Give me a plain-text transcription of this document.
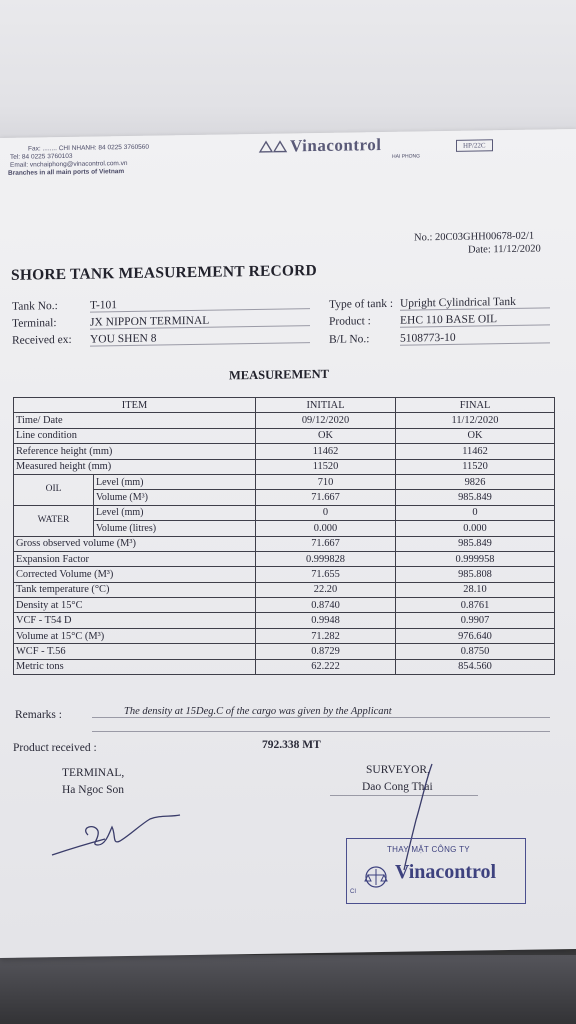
Fax: ........ CHI NHANH: 84 0225 3760560
Tel: 84 0225 3760103
Email: vnchaiphong@vinacontrol.com.vn
Branches in all main ports of Vietnam
Vinacontrol
HAI PHONG
HP/22C
No.: 20C03GHH00678-02/1
Date: 11/12/2020
SHORE TANK MEASUREMENT RECORD
Tank No.:	T-101
Terminal:	JX NIPPON TERMINAL
Received ex: YOU SHEN 8
Type of tank : Upright Cylindrical Tank
Product :	EHC 110 BASE OIL
B/L No.:	5108773-10
MEASUREMENT
ITEM		INITIAL	FINAL
Time/ Date		09/12/2020	11/12/2020
Line condition		OK	OK
Reference height (mm)		11462	11462
Measured height (mm)		11520	11520
OIL	Level (mm)	710	9826
	Volume (M³)	71.667	985.849
WATER	Level (mm)	0	0
	Volume (litres)	0.000	0.000
Gross observed volume (M³)		71.667	985.849
Expansion Factor		0.999828	0.999958
Corrected Volume (M³)		71.655	985.808
Tank temperature (°C)		22.20	28.10
Density at 15°C		0.8740	0.8761
VCF - T54 D		0.9948	0.9907
Volume at 15°C (M³)		71.282	976.640
WCF - T.56		0.8729	0.8750
Metric tons		62.222	854.560
Remarks :	The density at 15Deg.C of the cargo was given by the Applicant
Product received :	792.338 MT
TERMINAL,
Ha Ngoc Son
SURVEYOR,
Dao Cong Thai
THAY MẶT CÔNG TY
Vinacontrol
CI
